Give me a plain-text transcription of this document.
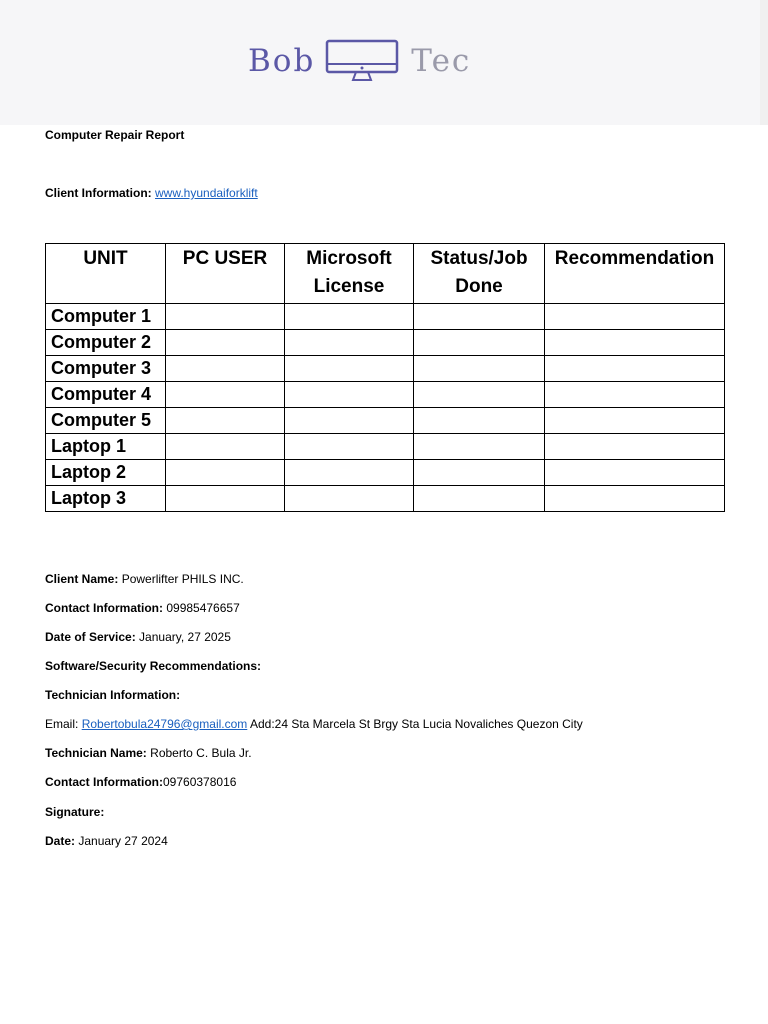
Bob	Tec
Computer Repair Report
Client Information: www.hyundaiforklift
UNIT	PC USER	Microsoft License	Status/Job Done	Recommendation
Computer 1				
Computer 2				
Computer 3				
Computer 4				
Computer 5				
Laptop 1				
Laptop 2				
Laptop 3				
Client Name: Powerlifter PHILS INC.
Contact Information: 09985476657
Date of Service: January, 27 2025
Software/Security Recommendations:
Technician Information:
Email: Robertobula24796@gmail.com Add:24 Sta Marcela St Brgy Sta Lucia Novaliches Quezon City
Technician Name: Roberto C. Bula Jr.
Contact Information:09760378016
Signature:
Date: January 27 2024
